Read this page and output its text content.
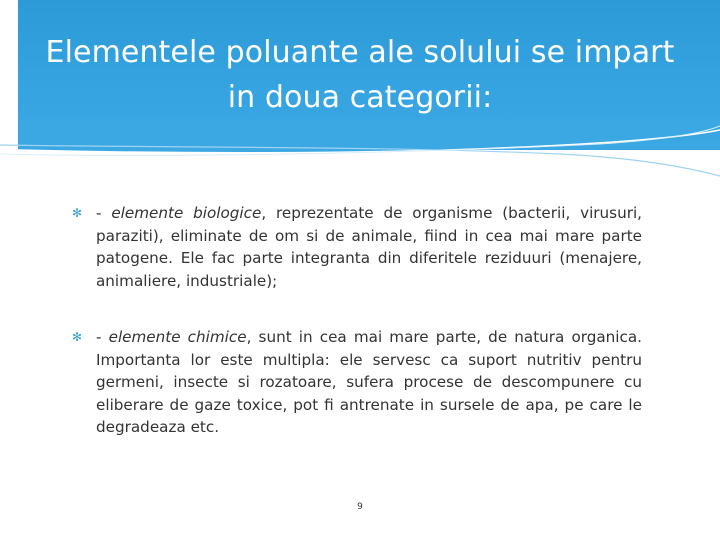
Elementele poluante ale solului se impart in doua categorii:

✻ - elemente biologice, reprezentate de organisme (bacterii, virusuri, paraziti), eliminate de om si de animale, fiind in cea mai mare parte patogene. Ele fac parte integranta din diferitele reziduuri (menajere, animaliere, industriale);

✻ - elemente chimice, sunt in cea mai mare parte, de natura organica. Importanta lor este multipla: ele servesc ca suport nutritiv pentru germeni, insecte si rozatoare, sufera procese de descompunere cu eliberare de gaze toxice, pot fi antrenate in sursele de apa, pe care le degradeaza etc.

9
